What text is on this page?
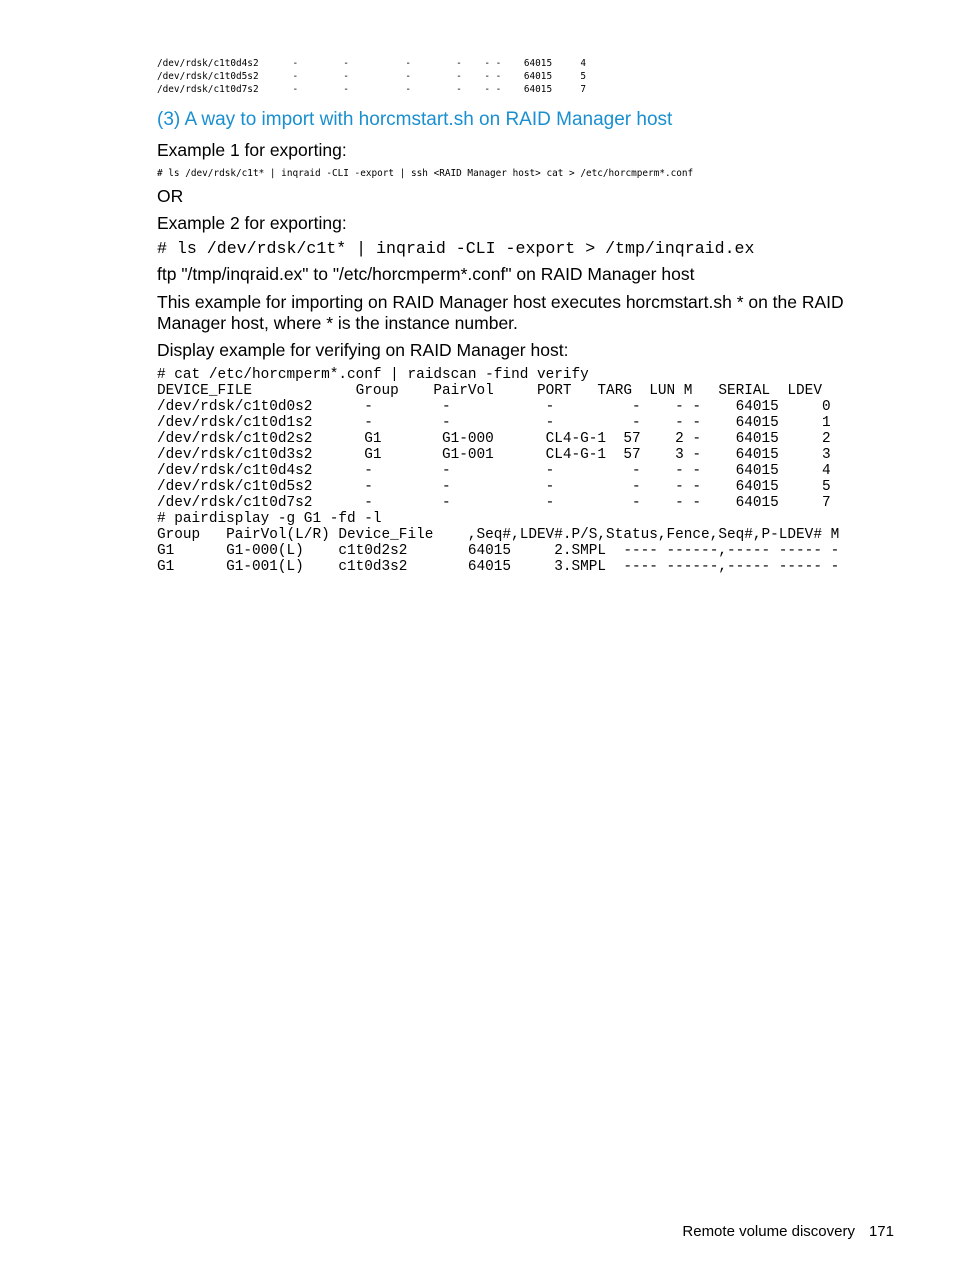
/dev/rdsk/c1t0d4s2      -        -          -        -    - -    64015     4
/dev/rdsk/c1t0d5s2      -        -          -        -    - -    64015     5
/dev/rdsk/c1t0d7s2      -        -          -        -    - -    64015     7
(3) A way to import with horcmstart.sh on RAID Manager host

Example 1 for exporting:

# ls /dev/rdsk/c1t* | inqraid -CLI -export | ssh <RAID Manager host> cat > /etc/horcmperm*.conf

OR

Example 2 for exporting:

# ls /dev/rdsk/c1t* | inqraid -CLI -export > /tmp/inqraid.ex

ftp "/tmp/inqraid.ex" to "/etc/horcmperm*.conf" on RAID Manager host

This example for importing on RAID Manager host executes horcmstart.sh * on the RAID Manager host, where * is the instance number.

Display example for verifying on RAID Manager host:

# cat /etc/horcmperm*.conf | raidscan -find verify
DEVICE_FILE            Group    PairVol     PORT   TARG  LUN M   SERIAL  LDEV
/dev/rdsk/c1t0d0s2      -        -           -         -    - -    64015     0
/dev/rdsk/c1t0d1s2      -        -           -         -    - -    64015     1
/dev/rdsk/c1t0d2s2      G1       G1-000      CL4-G-1  57    2 -    64015     2
/dev/rdsk/c1t0d3s2      G1       G1-001      CL4-G-1  57    3 -    64015     3
/dev/rdsk/c1t0d4s2      -        -           -         -    - -    64015     4
/dev/rdsk/c1t0d5s2      -        -           -         -    - -    64015     5
/dev/rdsk/c1t0d7s2      -        -           -         -    - -    64015     7
# pairdisplay -g G1 -fd -l
Group   PairVol(L/R) Device_File    ,Seq#,LDEV#.P/S,Status,Fence,Seq#,P-LDEV# M
G1      G1-000(L)    c1t0d2s2       64015     2.SMPL  ---- ------,----- ----- -
G1      G1-001(L)    c1t0d3s2       64015     3.SMPL  ---- ------,----- ----- -
Remote volume discovery 171
